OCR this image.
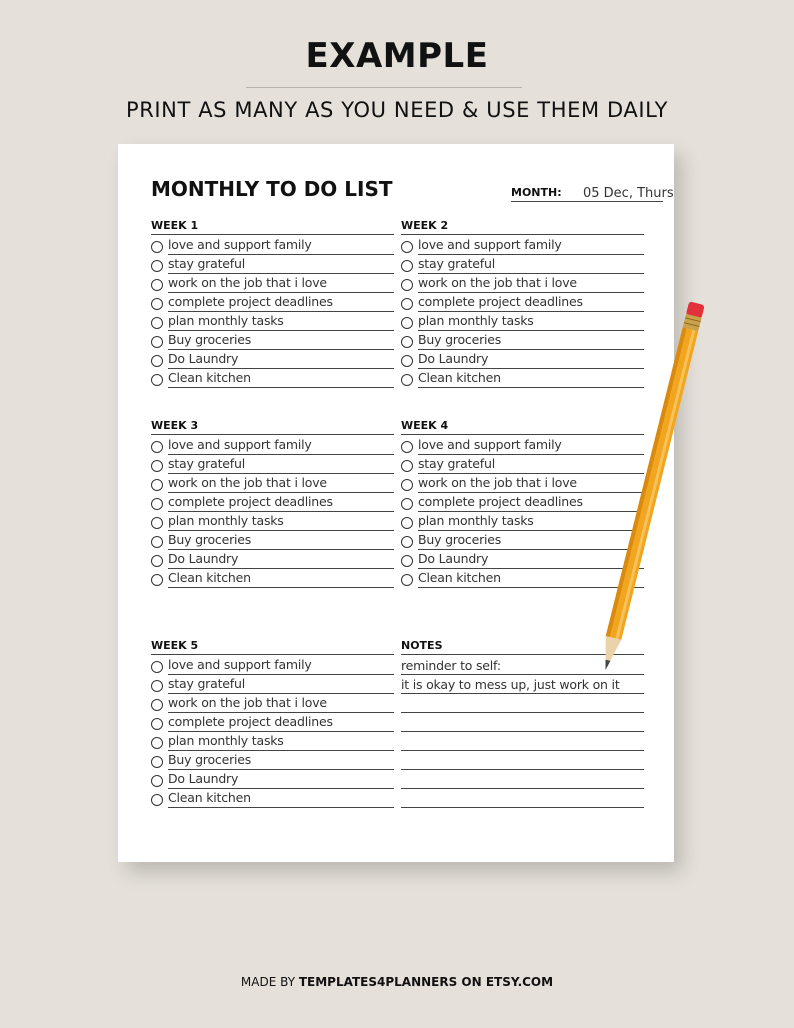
EXAMPLE
PRINT AS MANY AS YOU NEED & USE THEM DAILY
MONTHLY TO DO LIST	MONTH: 05 Dec, Thurs
WEEK 1
love and support family
stay grateful
work on the job that i love
complete project deadlines
plan monthly tasks
Buy groceries
Do Laundry
Clean kitchen
WEEK 2
love and support family
stay grateful
work on the job that i love
complete project deadlines
plan monthly tasks
Buy groceries
Do Laundry
Clean kitchen
WEEK 3
love and support family
stay grateful
work on the job that i love
complete project deadlines
plan monthly tasks
Buy groceries
Do Laundry
Clean kitchen
WEEK 4
love and support family
stay grateful
work on the job that i love
complete project deadlines
plan monthly tasks
Buy groceries
Do Laundry
Clean kitchen
WEEK 5
love and support family
stay grateful
work on the job that i love
complete project deadlines
plan monthly tasks
Buy groceries
Do Laundry
Clean kitchen
NOTES
reminder to self:
it is okay to mess up, just work on it
MADE BY TEMPLATES4PLANNERS ON ETSY.COM
